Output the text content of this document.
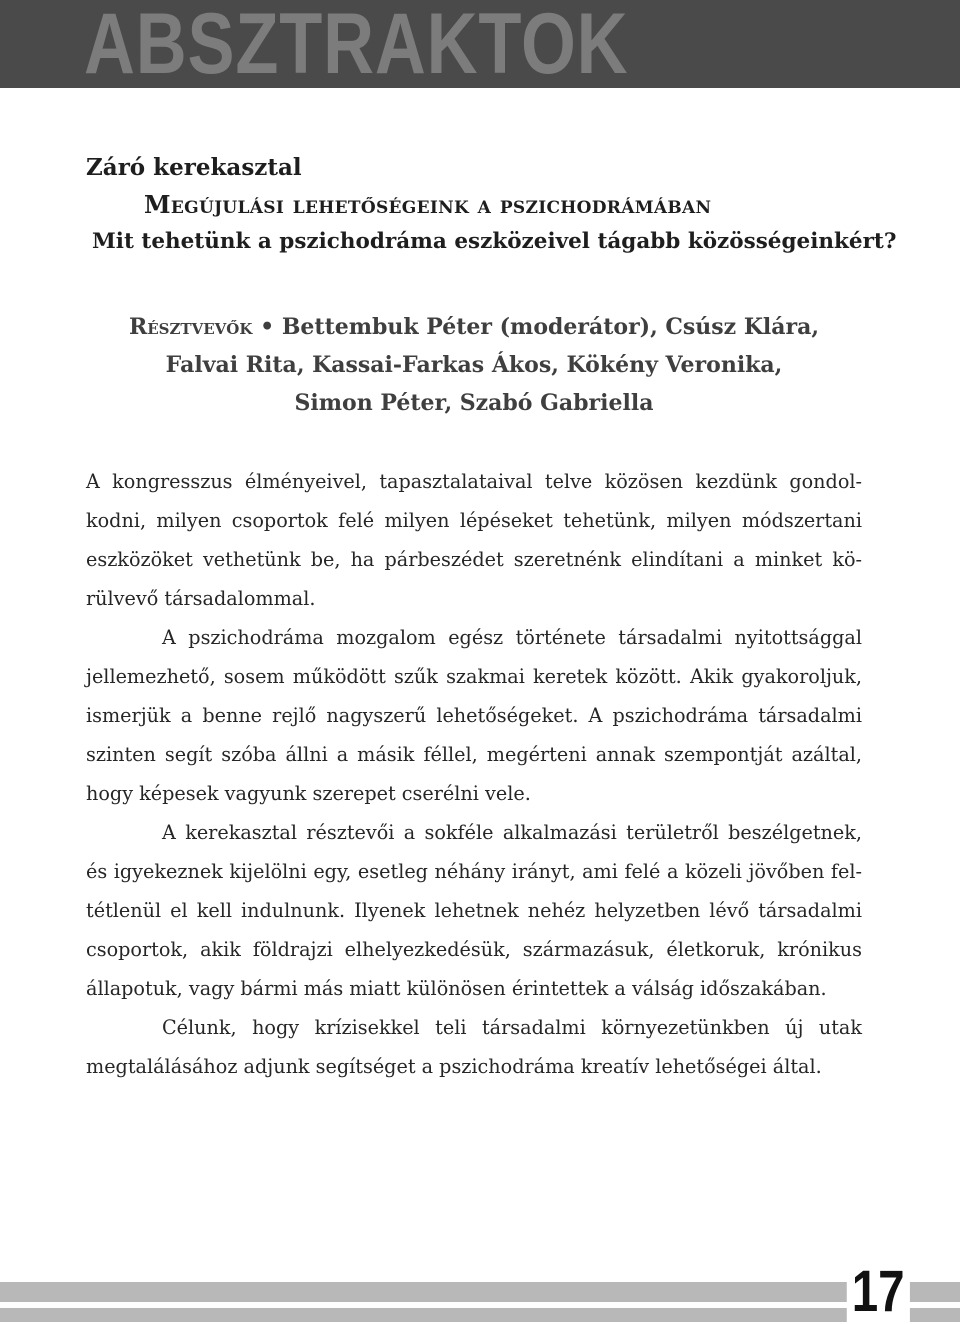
ABSZTRAKTOK
Záró kerekasztal
Megújulási lehetőségeink a pszichodrámában
Mit tehetünk a pszichodráma eszközeivel tágabb közösségeinkért?
Résztvevők • Bettembuk Péter (moderátor), Csúsz Klára,
Falvai Rita, Kassai-Farkas Ákos, Kökény Veronika,
Simon Péter, Szabó Gabriella

A kongresszus élményeivel, tapasztalataival telve közösen kezdünk gondolkodni, milyen csoportok felé milyen lépéseket tehetünk, milyen módszertani eszközöket vethetünk be, ha párbeszédet szeretnénk elindítani a minket körülvevő társadalommal.

A pszichodráma mozgalom egész története társadalmi nyitottsággal jellemezhető, sosem működött szűk szakmai keretek között. Akik gyakoroljuk, ismerjük a benne rejlő nagyszerű lehetőségeket. A pszichodráma társadalmi szinten segít szóba állni a másik féllel, megérteni annak szempontját azáltal, hogy képesek vagyunk szerepet cserélni vele.

A kerekasztal résztevői a sokféle alkalmazási területről beszélgetnek, és igyekeznek kijelölni egy, esetleg néhány irányt, ami felé a közeli jövőben feltétlenül el kell indulnunk. Ilyenek lehetnek nehéz helyzetben lévő társadalmi csoportok, akik földrajzi elhelyezkedésük, származásuk, életkoruk, krónikus állapotuk, vagy bármi más miatt különösen érintettek a válság időszakában.

Célunk, hogy krízisekkel teli társadalmi környezetünkben új utak megtalálásához adjunk segítséget a pszichodráma kreatív lehetőségei által.

17
